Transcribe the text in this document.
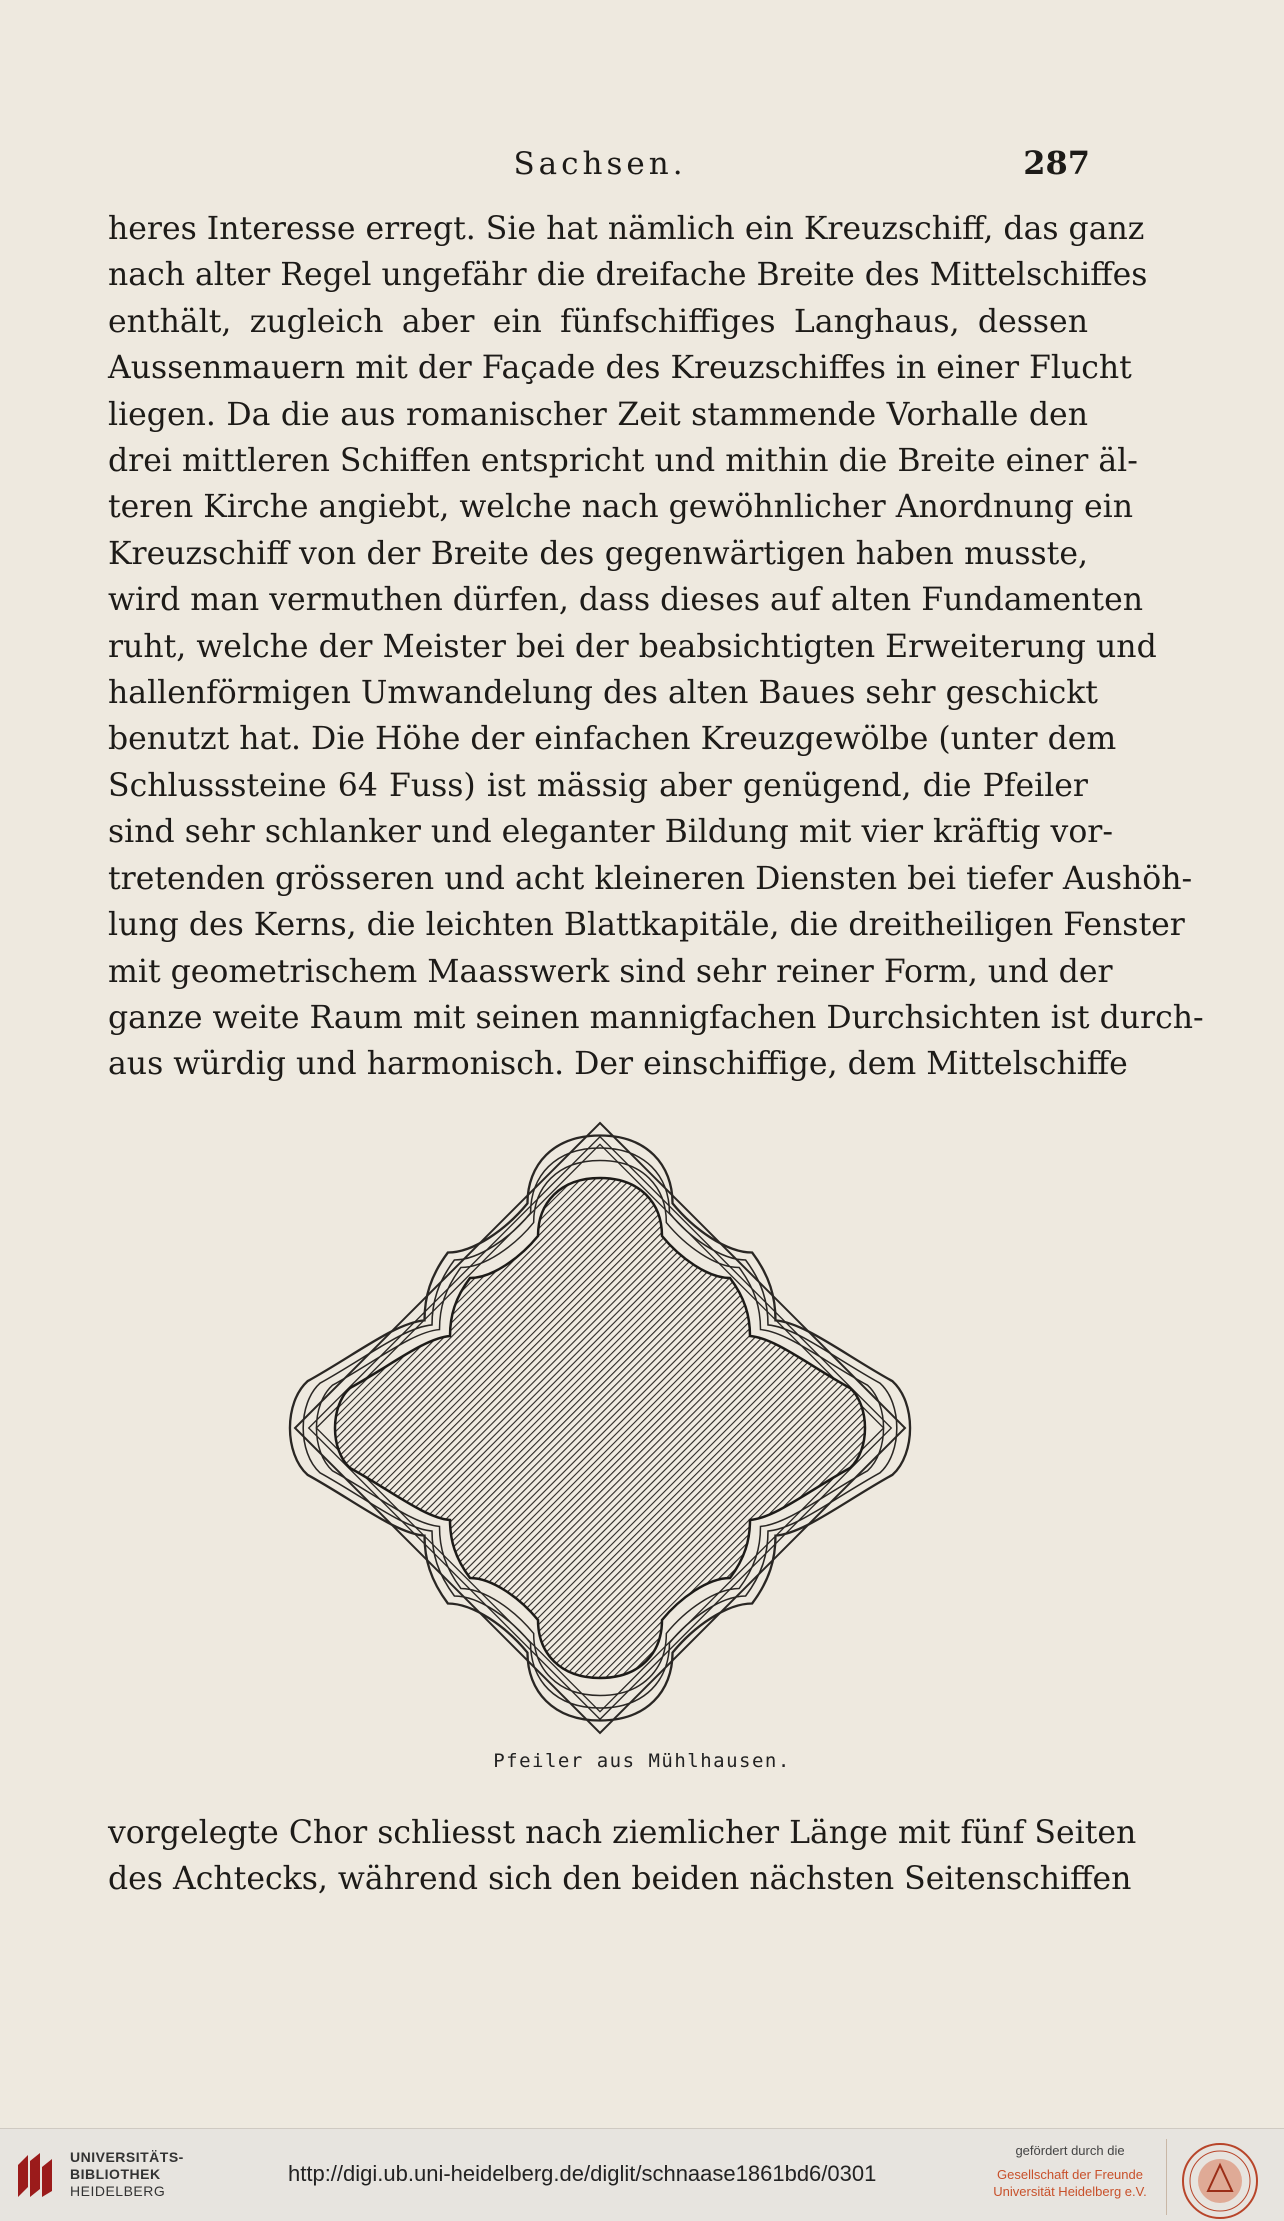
Sachsen.	287
heres Interesse erregt. Sie hat nämlich ein Kreuzschiff, das ganz
nach alter Regel ungefähr die dreifache Breite des Mittelschiffes
enthält, zugleich aber ein fünfschiffiges Langhaus, dessen
Aussenmauern mit der Façade des Kreuzschiffes in einer Flucht
liegen. Da die aus romanischer Zeit stammende Vorhalle den
drei mittleren Schiffen entspricht und mithin die Breite einer äl-
teren Kirche angiebt, welche nach gewöhnlicher Anordnung ein
Kreuzschiff von der Breite des gegenwärtigen haben musste,
wird man vermuthen dürfen, dass dieses auf alten Fundamenten
ruht, welche der Meister bei der beabsichtigten Erweiterung und
hallenförmigen Umwandelung des alten Baues sehr geschickt
benutzt hat. Die Höhe der einfachen Kreuzgewölbe (unter dem
Schlusssteine 64 Fuss) ist mässig aber genügend, die Pfeiler
sind sehr schlanker und eleganter Bildung mit vier kräftig vor-
tretenden grösseren und acht kleineren Diensten bei tiefer Aushöh-
lung des Kerns, die leichten Blattkapitäle, die dreitheiligen Fenster
mit geometrischem Maasswerk sind sehr reiner Form, und der
ganze weite Raum mit seinen mannigfachen Durchsichten ist durch-
aus würdig und harmonisch. Der einschiffige, dem Mittelschiffe
Pfeiler aus Mühlhausen.
vorgelegte Chor schliesst nach ziemlicher Länge mit fünf Seiten
des Achtecks, während sich den beiden nächsten Seitenschiffen
UNIVERSITÄTS-
BIBLIOTHEK
HEIDELBERG
http://digi.ub.uni-heidelberg.de/diglit/schnaase1861bd6/0301
gefördert durch die
Gesellschaft der Freunde
Universität Heidelberg e.V.
